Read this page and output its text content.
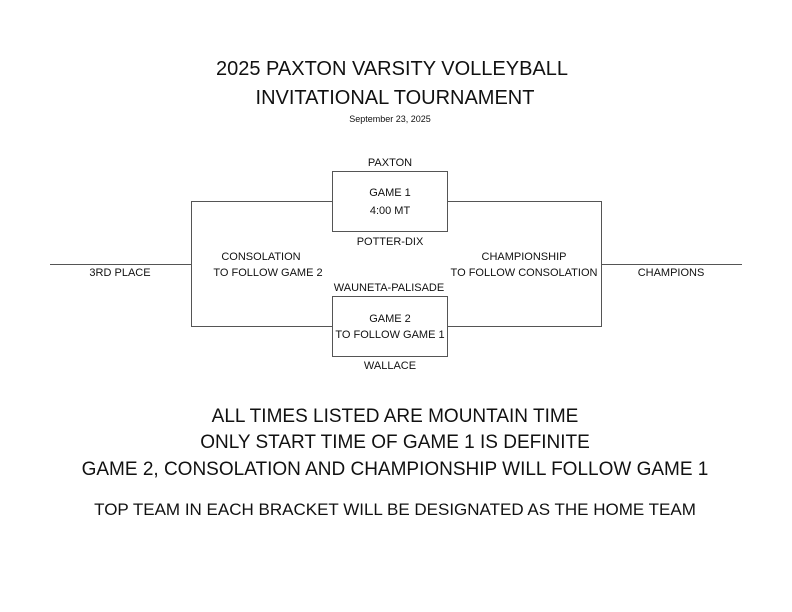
2025 PAXTON VARSITY VOLLEYBALL
INVITATIONAL TOURNAMENT
September 23, 2025
PAXTON
GAME 1
4:00 MT
POTTER-DIX
WAUNETA-PALISADE
GAME 2
TO FOLLOW GAME 1
WALLACE
CONSOLATION
TO FOLLOW GAME 2
CHAMPIONSHIP
TO FOLLOW CONSOLATION
3RD PLACE	CHAMPIONS
ALL TIMES LISTED ARE MOUNTAIN TIME
ONLY START TIME OF GAME 1 IS DEFINITE
GAME 2, CONSOLATION AND CHAMPIONSHIP WILL FOLLOW GAME 1
TOP TEAM IN EACH BRACKET WILL BE DESIGNATED AS THE HOME TEAM
